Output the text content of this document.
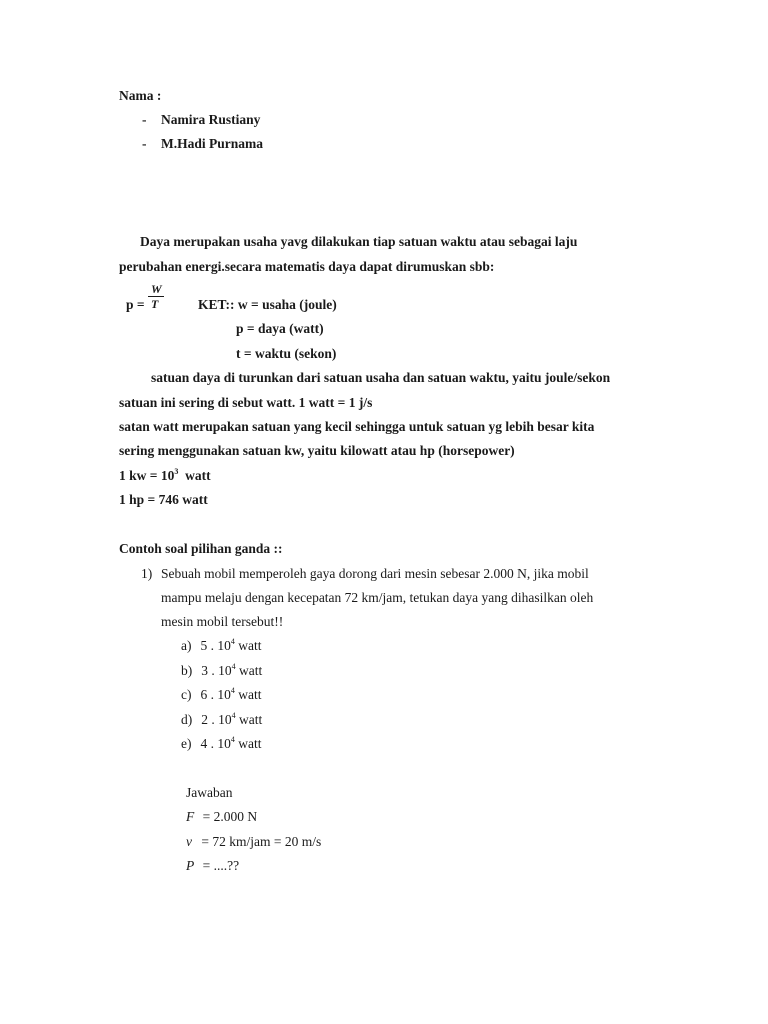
Nama :
- Namira Rustiany
- M.Hadi Purnama
Daya merupakan usaha yavg dilakukan tiap satuan waktu atau sebagai laju
perubahan energi.secara matematis daya dapat dirumuskan sbb:
p =
W
T	KET:: w = usaha (joule)
p = daya (watt)
t = waktu (sekon)
satuan daya di turunkan dari satuan usaha dan satuan waktu, yaitu joule/sekon
satuan ini sering di sebut watt. 1 watt = 1 j/s
satan watt merupakan satuan yang kecil sehingga untuk satuan yg lebih besar kita
sering menggunakan satuan kw, yaitu kilowatt atau hp (horsepower)
1 kw = $10^3$  watt
1 hp = 746 watt
Contoh soal pilihan ganda ::
1) Sebuah mobil memperoleh gaya dorong dari mesin sebesar 2.000 N, jika mobil
mampu melaju dengan kecepatan 72 km/jam, tetukan daya yang dihasilkan oleh
mesin mobil tersebut!!
a) 5 . $10^4$ watt
b) 3 . $10^4$ watt
c) 6 . $10^4$ watt
d) 2 . $10^4$ watt
e) 4 . $10^4$ watt
Jawaban
F = 2.000 N
v = 72 km/jam = 20 m/s
P = ....??
